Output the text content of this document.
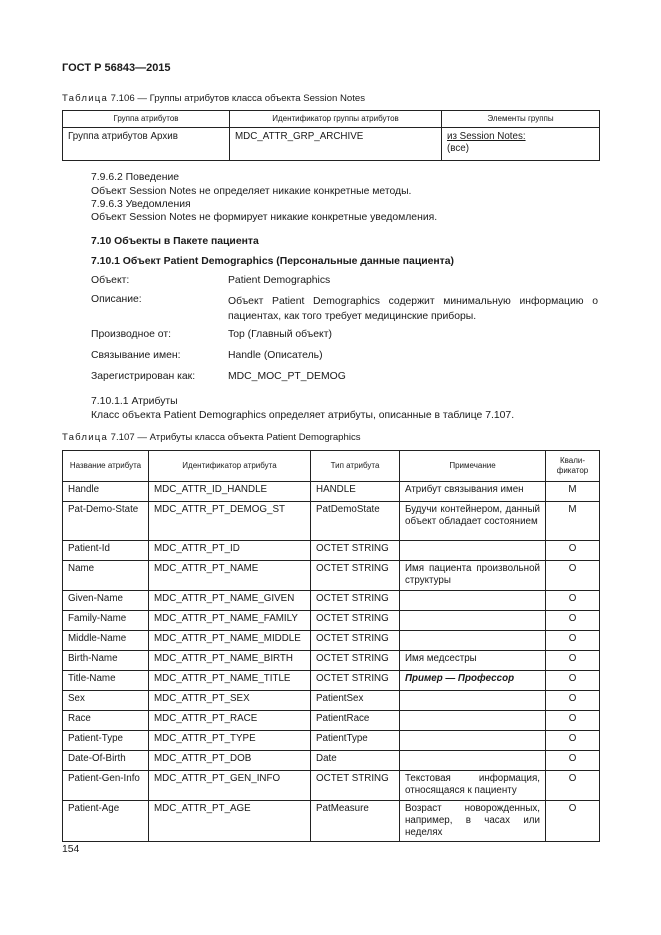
ГОСТ Р 56843—2015
Таблица 7.106 — Группы атрибутов класса объекта Session Notes
Группа атрибутов	Идентификатор группы атрибутов	Элементы группы
Группа атрибутов Архив	MDC_ATTR_GRP_ARCHIVE	из Session Notes:
(все)
7.9.6.2 Поведение
Объект Session Notes не определяет никакие конкретные методы.
7.9.6.3 Уведомления
Объект Session Notes не формирует никакие конкретные уведомления.
7.10 Объекты в Пакете пациента
7.10.1 Объект Patient Demographics (Персональные данные пациента)
Объект:	Patient Demographics
Описание:	Объект Patient Demographics содержит минимальную информацию о пациентах, как того требует медицинские приборы.
Производное от:	Top (Главный объект)
Связывание имен:	Handle (Описатель)
Зарегистрирован как:	MDC_MOC_PT_DEMOG
7.10.1.1 Атрибуты
Класс объекта Patient Demographics определяет атрибуты, описанные в таблице 7.107.
Таблица 7.107 — Атрибуты класса объекта Patient Demographics
Название атрибута	Идентификатор атрибута	Тип атрибута	Примечание	Квали-фикатор
Handle	MDC_ATTR_ID_HANDLE	HANDLE	Атрибут связывания имен	M
Pat-Demo-State	MDC_ATTR_PT_DEMOG_ST	PatDemoState	Будучи контейнером, данный объект обладает состоянием	M
Patient-Id	MDC_ATTR_PT_ID	OCTET STRING		O
Name	MDC_ATTR_PT_NAME	OCTET STRING	Имя пациента произвольной структуры	O
Given-Name	MDC_ATTR_PT_NAME_GIVEN	OCTET STRING		O
Family-Name	MDC_ATTR_PT_NAME_FAMILY	OCTET STRING		O
Middle-Name	MDC_ATTR_PT_NAME_MIDDLE	OCTET STRING		O
Birth-Name	MDC_ATTR_PT_NAME_BIRTH	OCTET STRING	Имя медсестры	O
Title-Name	MDC_ATTR_PT_NAME_TITLE	OCTET STRING	Пример — Профессор	O
Sex	MDC_ATTR_PT_SEX	PatientSex		O
Race	MDC_ATTR_PT_RACE	PatientRace		O
Patient-Type	MDC_ATTR_PT_TYPE	PatientType		O
Date-Of-Birth	MDC_ATTR_PT_DOB	Date		O
Patient-Gen-Info	MDC_ATTR_PT_GEN_INFO	OCTET STRING	Текстовая информация, относящаяся к пациенту	O
Patient-Age	MDC_ATTR_PT_AGE	PatMeasure	Возраст новорожденных, например, в часах или неделях	O
154
